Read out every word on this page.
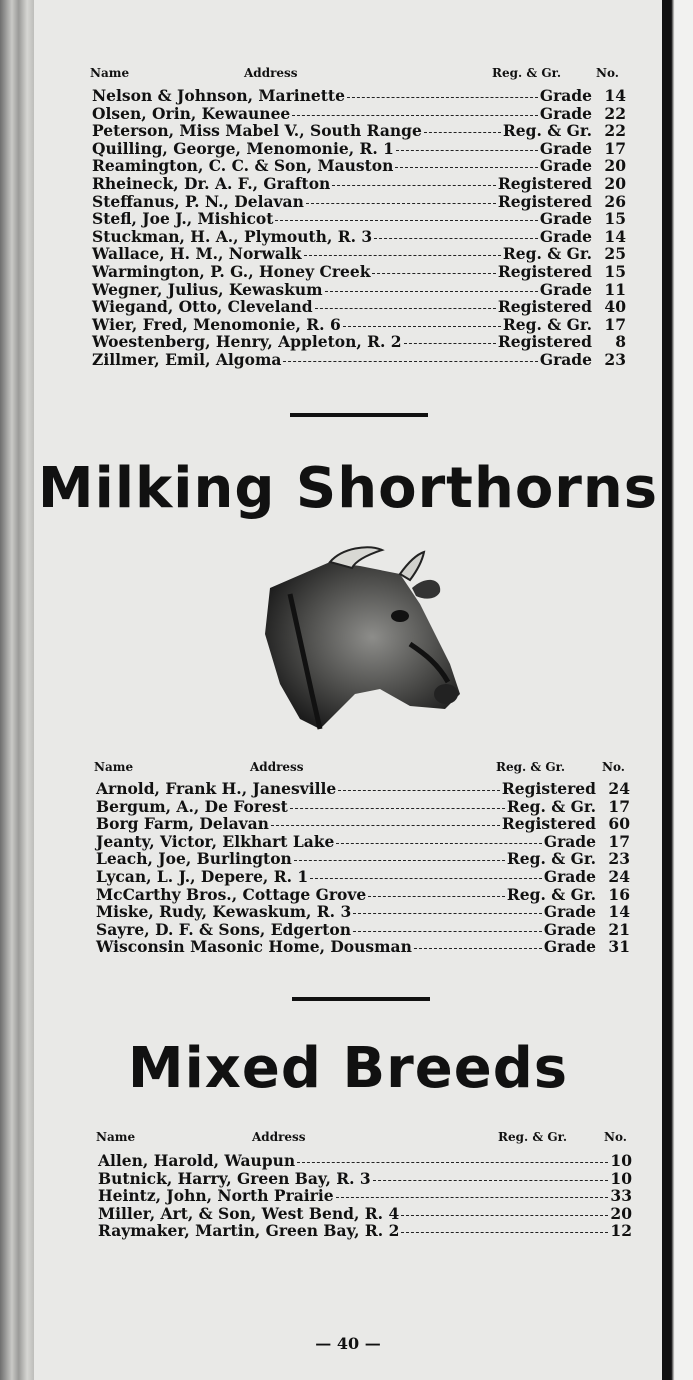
Name	Address	Reg. & Gr.	No.
Nelson & Johnson, Marinette	Grade 14
Olsen, Orin, Kewaunee	Grade 22
Peterson, Miss Mabel V., South Range	Reg. & Gr. 22
Quilling, George, Menomonie, R. 1	Grade 17
Reamington, C. C. & Son, Mauston	Grade 20
Rheineck, Dr. A. F., Grafton	Registered 20
Steffanus, P. N., Delavan	Registered 26
Stefl, Joe J., Mishicot	Grade 15
Stuckman, H. A., Plymouth, R. 3	Grade 14
Wallace, H. M., Norwalk	Reg. & Gr. 25
Warmington, P. G., Honey Creek	Registered 15
Wegner, Julius, Kewaskum	Grade 11
Wiegand, Otto, Cleveland	Registered 40
Wier, Fred, Menomonie, R. 6	Reg. & Gr. 17
Woestenberg, Henry, Appleton, R. 2	Registered	8
Zillmer, Emil, Algoma	Grade 23
Milking Shorthorns
Name	Address	Reg. & Gr.	No.
Arnold, Frank H., Janesville	Registered 24
Bergum, A., De Forest	Reg. & Gr. 17
Borg Farm, Delavan	Registered 60
Jeanty, Victor, Elkhart Lake	Grade 17
Leach, Joe, Burlington	Reg. & Gr. 23
Lycan, L. J., Depere, R. 1	Grade 24
McCarthy Bros., Cottage Grove	Reg. & Gr. 16
Miske, Rudy, Kewaskum, R. 3	Grade 14
Sayre, D. F. & Sons, Edgerton	Grade 21
Wisconsin Masonic Home, Dousman	Grade 31
Mixed Breeds
Name	Address	Reg. & Gr.	No.
Allen, Harold, Waupun	10
Butnick, Harry, Green Bay, R. 3	10
Heintz, John, North Prairie	33
Miller, Art, & Son, West Bend, R. 4	20
Raymaker, Martin, Green Bay, R. 2	12
— 40 —
